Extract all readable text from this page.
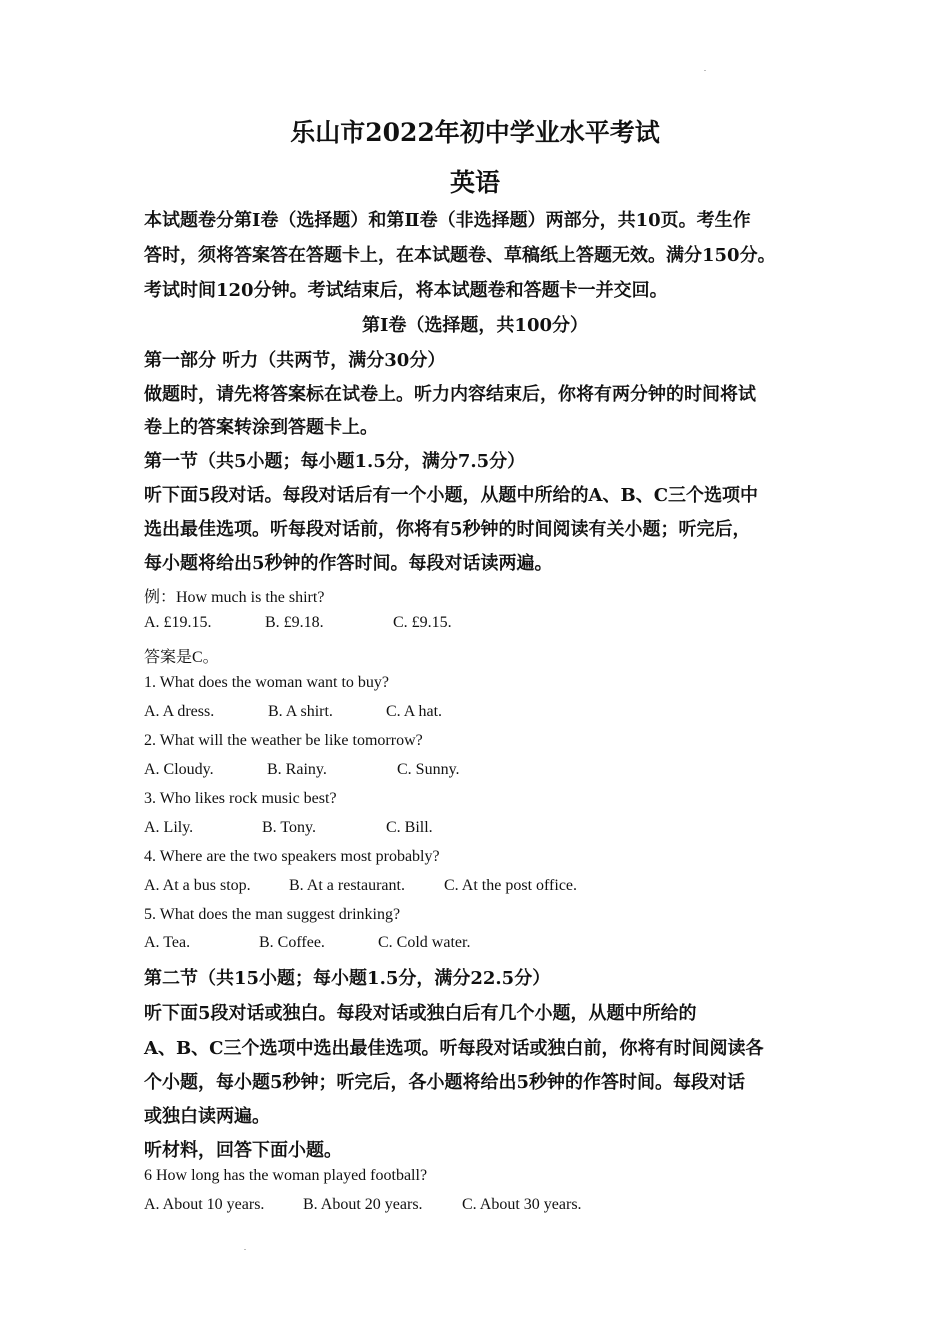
乐山市2022年初中学业水平考试
英语
本试题卷分第Ⅰ卷（选择题）和第Ⅱ卷（非选择题）两部分，共10页。考生作
答时，须将答案答在答题卡上，在本试题卷、草稿纸上答题无效。满分150分。
考试时间120分钟。考试结束后，将本试题卷和答题卡一并交回。
第Ⅰ卷（选择题，共100分）
第一部分 听力（共两节，满分30分）
做题时，请先将答案标在试卷上。听力内容结束后，你将有两分钟的时间将试
卷上的答案转涂到答题卡上。
第一节（共5小题；每小题1.5分，满分7.5分）
听下面5段对话。每段对话后有一个小题，从题中所给的A、B、C三个选项中
选出最佳选项。听每段对话前，你将有5秒钟的时间阅读有关小题；听完后，
每小题将给出5秒钟的作答时间。每段对话读两遍。
例：How much is the shirt?
A. £19.15.	B. £9.18.	C. £9.15.
答案是C。
1. What does the woman want to buy?
A. A dress.	B. A shirt.	C. A hat.
2. What will the weather be like tomorrow?
A. Cloudy.	B. Rainy.	C. Sunny.
3. Who likes rock music best?
A. Lily.	B. Tony.	C. Bill.
4. Where are the two speakers most probably?
A. At a bus stop. B. At a restaurant. C. At the post office.
5. What does the man suggest drinking?
A. Tea.	B. Coffee.	C. Cold water.
第二节（共15小题；每小题1.5分，满分22.5分）
听下面5段对话或独白。每段对话或独白后有几个小题，从题中所给的
A、B、C三个选项中选出最佳选项。听每段对话或独白前，你将有时间阅读各
个小题，每小题5秒钟；听完后，各小题将给出5秒钟的作答时间。每段对话
或独白读两遍。
听材料，回答下面小题。
6 How long has the woman played football?
A. About 10 years. B. About 20 years. C. About 30 years.
